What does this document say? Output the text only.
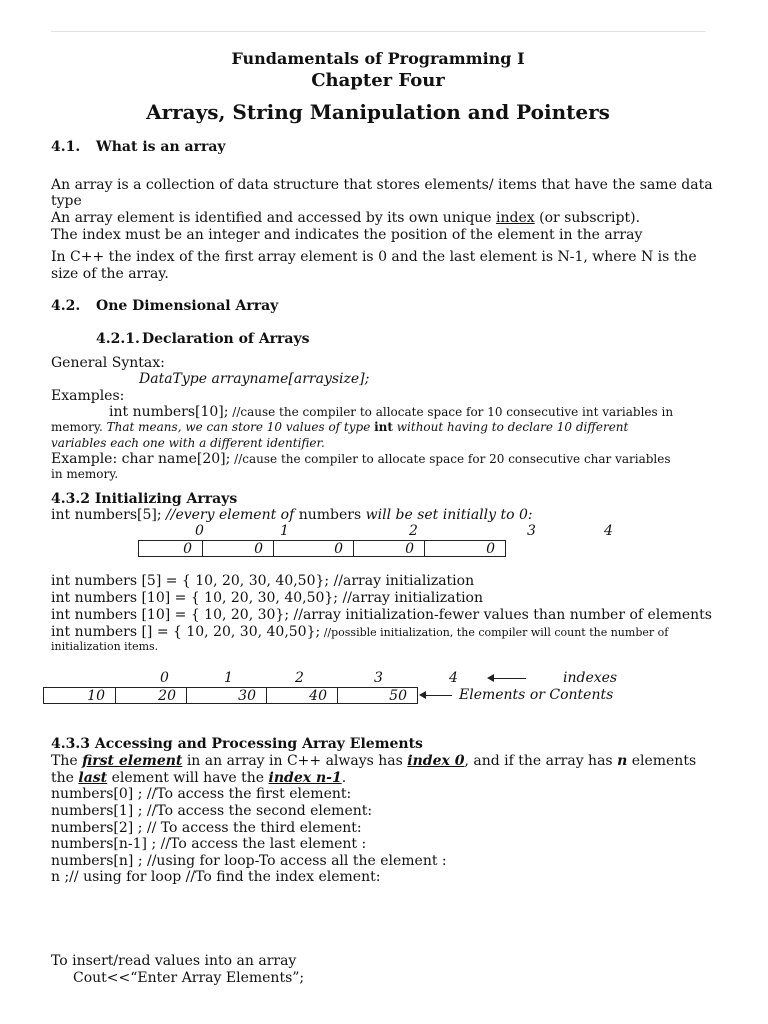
Fundamentals of Programming I
Chapter Four
Arrays, String Manipulation and Pointers
4.1. What is an array
An array is a collection of data structure that stores elements/ items that have the same data
type
An array element is identified and accessed by its own unique index (or subscript).
The index must be an integer and indicates the position of the element in the array
In C++ the index of the first array element is 0 and the last element is N-1, where N is the
size of the array.
4.2. One Dimensional Array
4.2.1. Declaration of Arrays
General Syntax:
DataType arrayname[arraysize];
Examples:
int numbers[10]; //cause the compiler to allocate space for 10 consecutive int variables in
memory. That means, we can store 10 values of type int without having to declare 10 different
variables each one with a different identifier.
Example: char name[20]; //cause the compiler to allocate space for 20 consecutive char variables
in memory.
4.3.2 Initializing Arrays
int numbers[5]; //every element of numbers will be set initially to 0:
0	1	2	3	4
0	0	0	0	0
int numbers [5] = { 10, 20, 30, 40,50}; //array initialization
int numbers [10] = { 10, 20, 30, 40,50}; //array initialization
int numbers [10] = { 10, 20, 30}; //array initialization-fewer values than number of elements
int numbers [] = { 10, 20, 30, 40,50}; //possible initialization, the compiler will count the number of
initialization items.
0	1	2	3	4	indexes
10	20	30	40	50	Elements or Contents
4.3.3 Accessing and Processing Array Elements
The first element in an array in C++ always has index 0, and if the array has n elements
the last element will have the index n-1.
numbers[0] ; //To access the first element:
numbers[1] ; //To access the second element:
numbers[2] ; // To access the third element:
numbers[n-1] ; //To access the last element :
numbers[n] ; //using for loop-To access all the element :
n ;// using for loop //To find the index element:
To insert/read values into an array
Cout<<“Enter Array Elements”;
